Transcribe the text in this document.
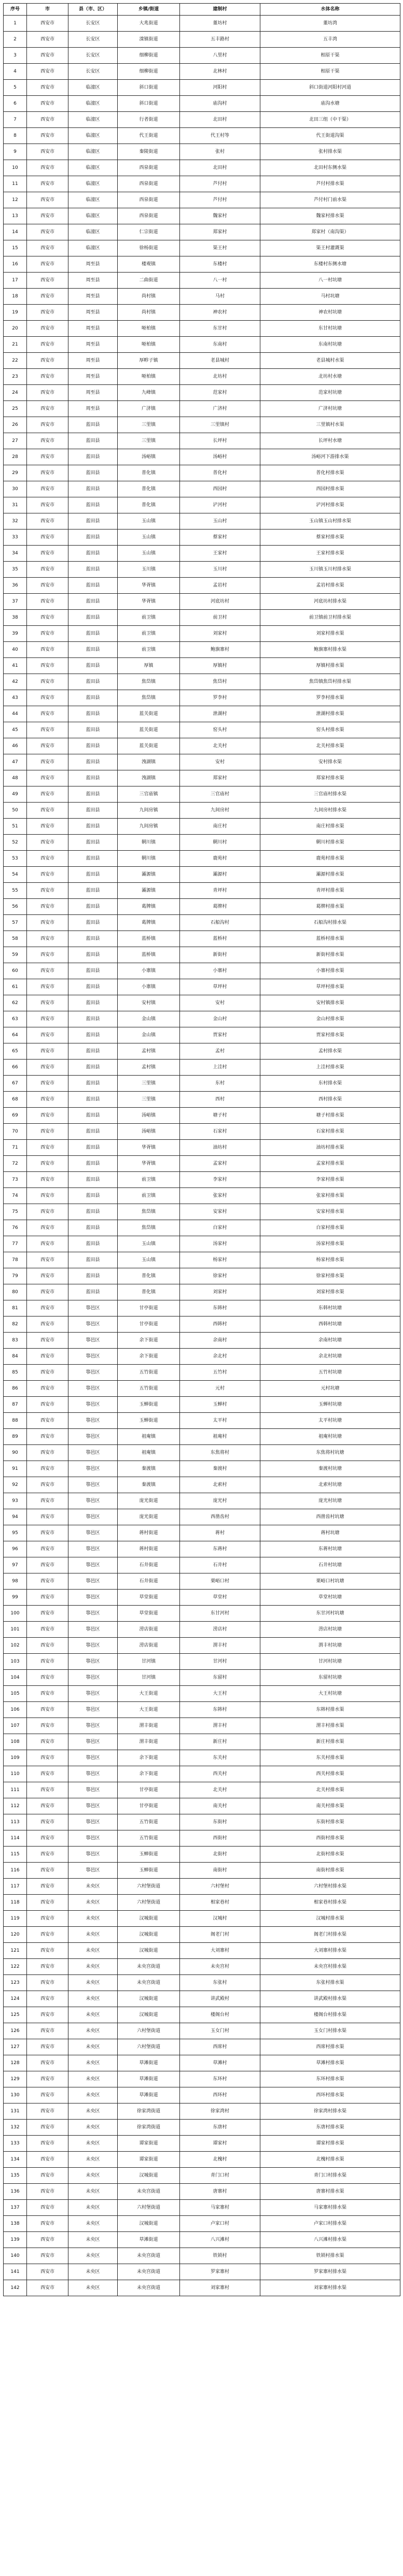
序号	市	县（市、区）	乡镇/街道	建制村	水体名称
1	西安市	长安区	大兆街道	董坊村	董坊湾
2	西安市	长安区	滦镇街道	五丰路村	五丰湾
3	西安市	长安区	细柳街道	八里村	相原干渠
4	西安市	长安区	细柳街道	北林村	相原干渠
5	西安市	临潼区	斜口街道	河阳村	斜口街道河阳村河道
6	西安市	临潼区	斜口街道	庙沟村	庙沟水塘
7	西安市	临潼区	行者街道	北田村	北田三组（中干渠）
8	西安市	临潼区	代王街道	代王村等	代王街道沟渠
9	西安市	临潼区	秦陵街道	张村	张村排水渠
10	西安市	临潼区	西泉街道	北田村	北田村东侧水渠
11	西安市	临潼区	西泉街道	芦付村	芦付村排水渠
12	西安市	临潼区	西泉街道	芦付村	芦付村门前水渠
13	西安市	临潼区	西泉街道	魏家村	魏家村排水渠
14	西安市	临潼区	仁宗街道	郑家村	郑家村（南沟渠）
15	西安市	临潼区	徐杨街道	渠王村	渠王村灌溉渠
16	西安市	周至县	楼观镇	东楼村	东楼村东侧水塘
17	西安市	周至县	二曲街道	八一村	八一村坑塘
18	西安市	周至县	尚村镇	马村	马村坑塘
19	西安市	周至县	尚村镇	神农村	神农村坑塘
20	西安市	周至县	哑柏镇	东甘村	东甘村坑塘
21	西安市	周至县	哑柏镇	东南村	东南村坑塘
22	西安市	周至县	厚畛子镇	老县城村	老县城村水渠
23	西安市	周至县	哑柏镇	北坊村	北坊村水塘
24	西安市	周至县	九峰镇	范家村	范家村坑塘
25	西安市	周至县	广济镇	广济村	广济村坑塘
26	西安市	蓝田县	三里镇	三里镇村	三里镇村水渠
27	西安市	蓝田县	三里镇	长坪村	长坪村水塘
28	西安市	蓝田县	汤峪镇	汤峪村	汤峪河下游排水渠
29	西安市	蓝田县	普化镇	普化村	普化村排水渠
30	西安市	蓝田县	普化镇	西园村	西园村排水渠
31	西安市	蓝田县	普化镇	浐河村	浐河村排水渠
32	西安市	蓝田县	玉山镇	玉山村	玉山镇玉山村排水渠
33	西安市	蓝田县	玉山镇	蔡家村	蔡家村排水渠
34	西安市	蓝田县	玉山镇	王家村	王家村排水渠
35	西安市	蓝田县	玉川镇	玉川村	玉川镇玉川村排水渠
36	西安市	蓝田县	华胥镇	孟岩村	孟岩村排水渠
37	西安市	蓝田县	华胥镇	河底坊村	河底坊村排水渠
38	西安市	蓝田县	前卫镇	前卫村	前卫镇前卫村排水渠
39	西安市	蓝田县	前卫镇	刘家村	刘家村排水渠
40	西安市	蓝田县	前卫镇	鲍旗寨村	鲍旗寨村排水渠
41	西安市	蓝田县	厚镇	厚镇村	厚镇村排水渠
42	西安市	蓝田县	焦岱镇	焦岱村	焦岱镇焦岱村排水渠
43	西安市	蓝田县	焦岱镇	罗李村	罗李村排水渠
44	西安市	蓝田县	蓝关街道	泄湖村	泄湖村排水渠
45	西安市	蓝田县	蓝关街道	窑头村	窑头村排水渠
46	西安市	蓝田县	蓝关街道	北关村	北关村排水渠
47	西安市	蓝田县	洩湖镇	安村	安村排水渠
48	西安市	蓝田县	洩湖镇	郑家村	郑家村排水渠
49	西安市	蓝田县	三官庙镇	三官庙村	三官庙村排水渠
50	西安市	蓝田县	九间房镇	九间房村	九间房村排水渠
51	西安市	蓝田县	九间房镇	南庄村	南庄村排水渠
52	西安市	蓝田县	辋川镇	辋川村	辋川村排水渠
53	西安市	蓝田县	辋川镇	鹿苑村	鹿苑村排水渠
54	西安市	蓝田县	灞源镇	灞源村	灞源村排水渠
55	西安市	蓝田县	灞源镇	青坪村	青坪村排水渠
56	西安市	蓝田县	葛牌镇	葛牌村	葛牌村排水渠
57	西安市	蓝田县	葛牌镇	石船沟村	石船沟村排水渠
58	西安市	蓝田县	蓝桥镇	蓝桥村	蓝桥村排水渠
59	西安市	蓝田县	蓝桥镇	新街村	新街村排水渠
60	西安市	蓝田县	小寨镇	小寨村	小寨村排水渠
61	西安市	蓝田县	小寨镇	草坪村	草坪村排水渠
62	西安市	蓝田县	安村镇	安村	安村镇排水渠
63	西安市	蓝田县	金山镇	金山村	金山村排水渠
64	西安市	蓝田县	金山镇	贾家村	贾家村排水渠
65	西安市	蓝田县	孟村镇	孟村	孟村排水渠
66	西安市	蓝田县	孟村镇	上洼村	上洼村排水渠
67	西安市	蓝田县	三里镇	东村	东村排水渠
68	西安市	蓝田县	三里镇	西村	西村排水渠
69	西安市	蓝田县	汤峪镇	塘子村	塘子村排水渠
70	西安市	蓝田县	汤峪镇	石家村	石家村排水渠
71	西安市	蓝田县	华胥镇	油坊村	油坊村排水渠
72	西安市	蓝田县	华胥镇	孟家村	孟家村排水渠
73	西安市	蓝田县	前卫镇	李家村	李家村排水渠
74	西安市	蓝田县	前卫镇	张家村	张家村排水渠
75	西安市	蓝田县	焦岱镇	安家村	安家村排水渠
76	西安市	蓝田县	焦岱镇	白家村	白家村排水渠
77	西安市	蓝田县	玉山镇	汤家村	汤家村排水渠
78	西安市	蓝田县	玉山镇	杨家村	杨家村排水渠
79	西安市	蓝田县	普化镇	徐家村	徐家村排水渠
80	西安市	蓝田县	普化镇	刘家村	刘家村排水渠
81	西安市	鄠邑区	甘亭街道	东韩村	东韩村坑塘
82	西安市	鄠邑区	甘亭街道	西韩村	西韩村坑塘
83	西安市	鄠邑区	余下街道	余南村	余南村坑塘
84	西安市	鄠邑区	余下街道	余北村	余北村坑塘
85	西安市	鄠邑区	五竹街道	五竹村	五竹村坑塘
86	西安市	鄠邑区	五竹街道	元村	元村坑塘
87	西安市	鄠邑区	玉蝉街道	玉蝉村	玉蝉村坑塘
88	西安市	鄠邑区	玉蝉街道	太平村	太平村坑塘
89	西安市	鄠邑区	祖庵镇	祖庵村	祖庵村坑塘
90	西安市	鄠邑区	祖庵镇	东焦将村	东焦将村坑塘
91	西安市	鄠邑区	秦渡镇	秦渡村	秦渡村坑塘
92	西安市	鄠邑区	秦渡镇	北索村	北索村坑塘
93	西安市	鄠邑区	庞光街道	庞光村	庞光村坑塘
94	西安市	鄠邑区	庞光街道	西凿齿村	西凿齿村坑塘
95	西安市	鄠邑区	蒋村街道	蒋村	蒋村坑塘
96	西安市	鄠邑区	蒋村街道	东蒋村	东蒋村坑塘
97	西安市	鄠邑区	石井街道	石井村	石井村坑塘
98	西安市	鄠邑区	石井街道	栗峪口村	栗峪口村坑塘
99	西安市	鄠邑区	草堂街道	草堂村	草堂村坑塘
100	西安市	鄠邑区	草堂街道	东甘河村	东甘河村坑塘
101	西安市	鄠邑区	涝店街道	涝店村	涝店村坑塘
102	西安市	鄠邑区	涝店街道	渭丰村	渭丰村坑塘
103	西安市	鄠邑区	甘河镇	甘河村	甘河村坑塘
104	西安市	鄠邑区	甘河镇	东留村	东留村坑塘
105	西安市	鄠邑区	大王街道	大王村	大王村坑塘
106	西安市	鄠邑区	大王街道	东韩村	东韩村排水渠
107	西安市	鄠邑区	渭丰街道	渭丰村	渭丰村排水渠
108	西安市	鄠邑区	渭丰街道	新庄村	新庄村排水渠
109	西安市	鄠邑区	余下街道	东关村	东关村排水渠
110	西安市	鄠邑区	余下街道	西关村	西关村排水渠
111	西安市	鄠邑区	甘亭街道	北关村	北关村排水渠
112	西安市	鄠邑区	甘亭街道	南关村	南关村排水渠
113	西安市	鄠邑区	五竹街道	东街村	东街村排水渠
114	西安市	鄠邑区	五竹街道	西街村	西街村排水渠
115	西安市	鄠邑区	玉蝉街道	北街村	北街村排水渠
116	西安市	鄠邑区	玉蝉街道	南街村	南街村排水渠
117	西安市	未央区	六村堡街道	六村堡村	六村堡村排水渠
118	西安市	未央区	六村堡街道	相家巷村	相家巷村排水渠
119	西安市	未央区	汉城街道	汉城村	汉城村排水渠
120	西安市	未央区	汉城街道	阁老门村	阁老门村排水渠
121	西安市	未央区	汉城街道	大刘寨村	大刘寨村排水渠
122	西安市	未央区	未央宫街道	未央宫村	未央宫村排水渠
123	西安市	未央区	未央宫街道	东张村	东张村排水渠
124	西安市	未央区	汉城街道	讲武殿村	讲武殿村排水渠
125	西安市	未央区	汉城街道	楼阁台村	楼阁台村排水渠
126	西安市	未央区	六村堡街道	玉女门村	玉女门村排水渠
127	西安市	未央区	六村堡街道	西席村	西席村排水渠
128	西安市	未央区	草滩街道	草滩村	草滩村排水渠
129	西安市	未央区	草滩街道	东环村	东环村排水渠
130	西安市	未央区	草滩街道	西环村	西环村排水渠
131	西安市	未央区	徐家湾街道	徐家湾村	徐家湾村排水渠
132	西安市	未央区	徐家湾街道	东唐村	东唐村排水渠
133	西安市	未央区	谭家街道	谭家村	谭家村排水渠
134	西安市	未央区	谭家街道	北槐村	北槐村排水渠
135	西安市	未央区	汉城街道	青门口村	青门口村排水渠
136	西安市	未央区	未央宫街道	唐寨村	唐寨村排水渠
137	西安市	未央区	六村堡街道	马家寨村	马家寨村排水渠
138	西安市	未央区	汉城街道	卢家口村	卢家口村排水渠
139	西安市	未央区	草滩街道	八兴滩村	八兴滩村排水渠
140	西安市	未央区	未央宫街道	铁锁村	铁锁村排水渠
141	西安市	未央区	未央宫街道	罗家寨村	罗家寨村排水渠
142	西安市	未央区	未央宫街道	刘家寨村	刘家寨村排水渠
